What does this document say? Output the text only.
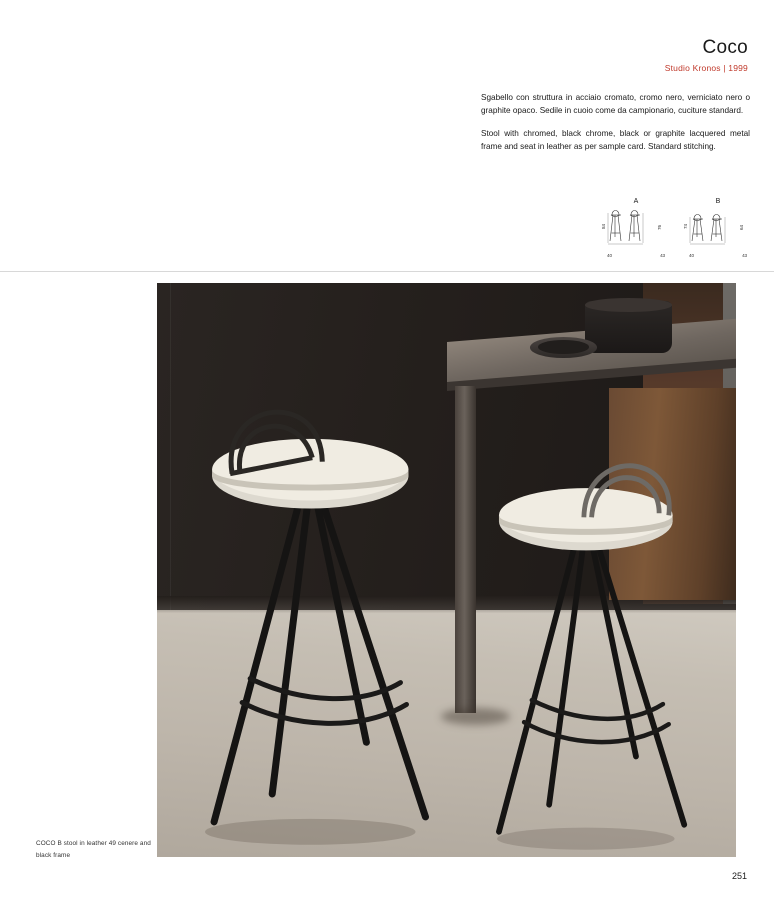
Coco
Studio Kronos | 1999

Sgabello con struttura in acciaio cromato, cromo nero, verniciato nero o graphite opaco. Sedile in cuoio come da campionario, cuciture standard.

Stool with chromed, black chrome, black or graphite lacquered metal frame and seat in leather as per sample card. Standard stitching.

A
84	76
40	43
B
74	64
40	43
COCO B stool in leather 49 cenere and black frame
251
